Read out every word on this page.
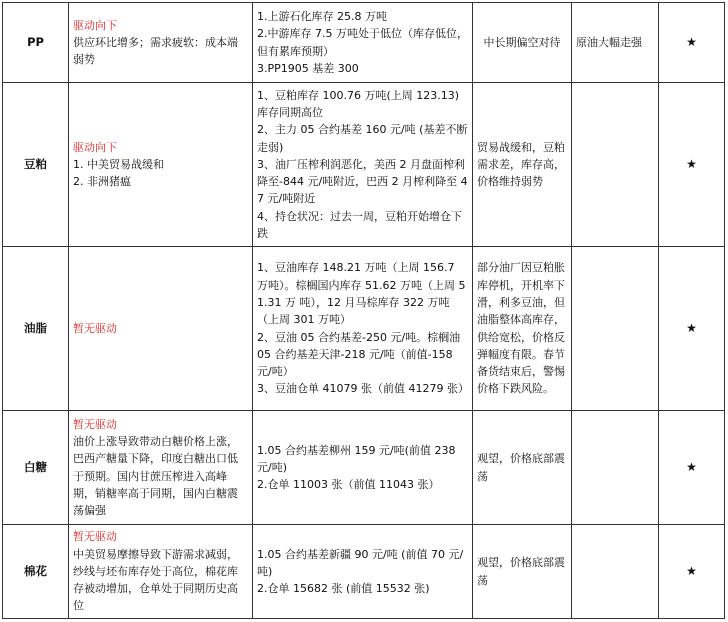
PP	驱动向下
供应环比增多；需求疲软：成本端弱势	1.上游石化库存 25.8 万吨
2.中游库存 7.5 万吨处于低位（库存低位，但有累库预期）
3.PP1905 基差 300	中长期偏空对待	原油大幅走强	★
豆粕	驱动向下
1. 中美贸易战缓和
2. 非洲猪瘟	1、豆粕库存 100.76 万吨(上周 123.13) 库存同期高位
2、主力 05 合约基差 160 元/吨 (基差不断走弱)
3、油厂压榨利润恶化，美西 2 月盘面榨利降至-844 元/吨附近，巴西 2 月榨利降至 47 元/吨附近
4、持仓状况：过去一周，豆粕开始增仓下跌	贸易战缓和，豆粕需求差，库存高，价格维持弱势		★
油脂	暂无驱动	1、豆油库存 148.21 万吨（上周 156.7 万吨）。棕榈国内库存 51.62 万吨（上周 51.31 万 吨），12 月马棕库存 322 万吨（上周 301 万吨）
2、豆油 05 合约基差-250 元/吨。棕榈油 05 合约基差天津-218 元/吨（前值-158 元/吨）
3、豆油仓单 41079 张（前值 41279 张）	部分油厂因豆粕胀库停机，开机率下滑，利多豆油，但油脂整体高库存，供给宽松，价格反弹幅度有限。春节备货结束后，警惕价格下跌风险。		★
白糖	暂无驱动
油价上涨导致带动白糖价格上涨，巴西产糖量下降，印度白糖出口低于预期。国内甘蔗压榨进入高峰期，销糖率高于同期，国内白糖震荡偏强	1.05 合约基差柳州 159 元/吨(前值 238 元/吨)
2.仓单 11003 张（前值 11043 张）	观望，价格底部震荡		★
棉花	暂无驱动
中美贸易摩擦导致下游需求减弱，纱线与坯布库存处于高位，棉花库存被动增加，仓单处于同期历史高位	1.05 合约基差新疆 90 元/吨 (前值 70 元/吨)
2.仓单 15682 张 (前值 15532 张)	观望，价格底部震荡		★
